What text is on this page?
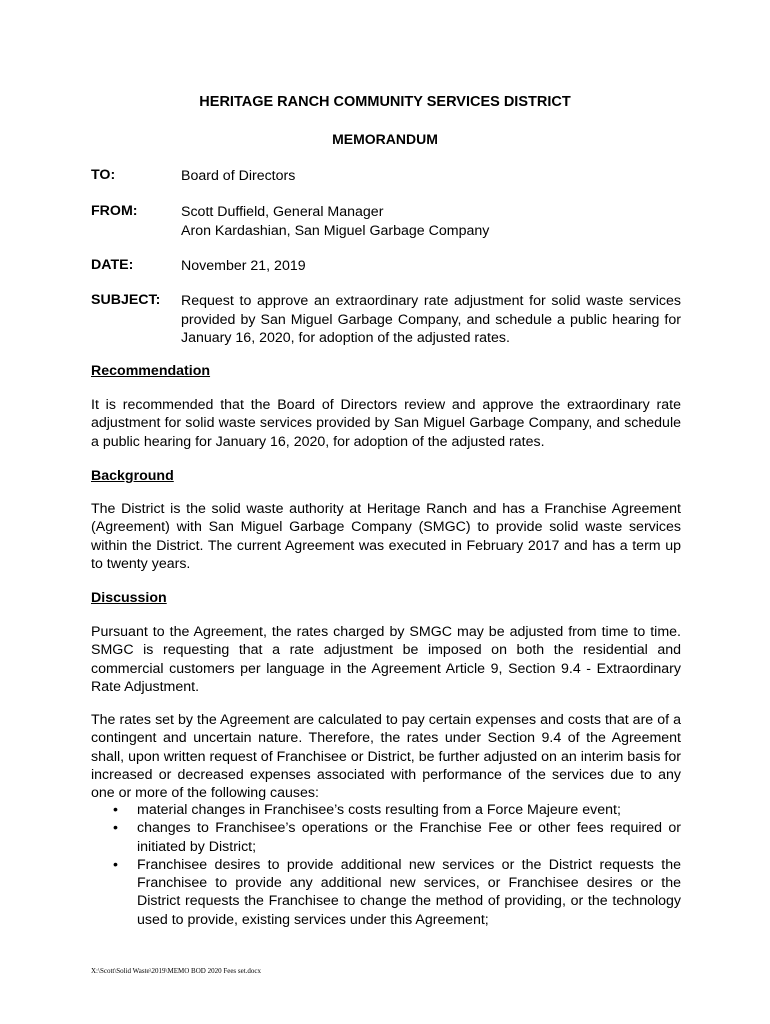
HERITAGE RANCH COMMUNITY SERVICES DISTRICT
MEMORANDUM
TO:	Board of Directors
FROM:	Scott Duffield, General Manager
Aron Kardashian, San Miguel Garbage Company
DATE:	November 21, 2019
SUBJECT: Request to approve an extraordinary rate adjustment for solid waste services provided by San Miguel Garbage Company, and schedule a public hearing for January 16, 2020, for adoption of the adjusted rates.
Recommendation
It is recommended that the Board of Directors review and approve the extraordinary rate adjustment for solid waste services provided by San Miguel Garbage Company, and schedule a public hearing for January 16, 2020, for adoption of the adjusted rates.
Background
The District is the solid waste authority at Heritage Ranch and has a Franchise Agreement (Agreement) with San Miguel Garbage Company (SMGC) to provide solid waste services within the District. The current Agreement was executed in February 2017 and has a term up to twenty years.
Discussion
Pursuant to the Agreement, the rates charged by SMGC may be adjusted from time to time. SMGC is requesting that a rate adjustment be imposed on both the residential and commercial customers per language in the Agreement Article 9, Section 9.4 - Extraordinary Rate Adjustment.
The rates set by the Agreement are calculated to pay certain expenses and costs that are of a contingent and uncertain nature. Therefore, the rates under Section 9.4 of the Agreement shall, upon written request of Franchisee or District, be further adjusted on an interim basis for increased or decreased expenses associated with performance of the services due to any one or more of the following causes:
• material changes in Franchisee’s costs resulting from a Force Majeure event;
• changes to Franchisee’s operations or the Franchise Fee or other fees required or initiated by District;
• Franchisee desires to provide additional new services or the District requests the Franchisee to provide any additional new services, or Franchisee desires or the District requests the Franchisee to change the method of providing, or the technology used to provide, existing services under this Agreement;
X:\Scott\Solid Waste\2019\MEMO BOD 2020 Fees set.docx
